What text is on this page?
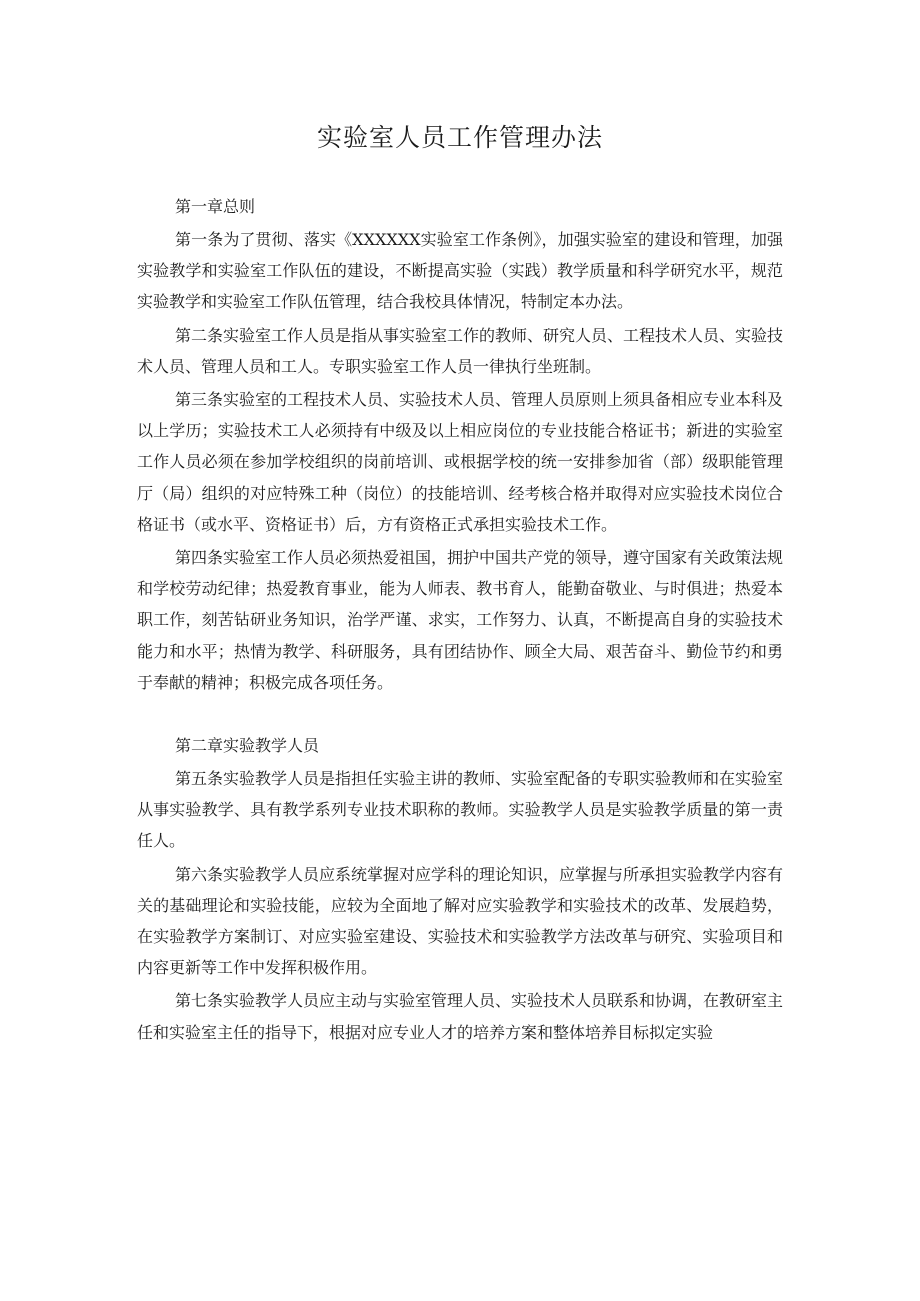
实验室人员工作管理办法

第一章总则

第一条为了贯彻、落实《XXXXXX实验室工作条例》，加强实验室的建设和管理，加强实验教学和实验室工作队伍的建设，不断提高实验（实践）教学质量和科学研究水平，规范实验教学和实验室工作队伍管理，结合我校具体情况，特制定本办法。

第二条实验室工作人员是指从事实验室工作的教师、研究人员、工程技术人员、实验技术人员、管理人员和工人。专职实验室工作人员一律执行坐班制。

第三条实验室的工程技术人员、实验技术人员、管理人员原则上须具备相应专业本科及以上学历；实验技术工人必须持有中级及以上相应岗位的专业技能合格证书；新进的实验室工作人员必须在参加学校组织的岗前培训、或根据学校的统一安排参加省（部）级职能管理厅（局）组织的对应特殊工种（岗位）的技能培训、经考核合格并取得对应实验技术岗位合格证书（或水平、资格证书）后，方有资格正式承担实验技术工作。

第四条实验室工作人员必须热爱祖国，拥护中国共产党的领导，遵守国家有关政策法规和学校劳动纪律；热爱教育事业，能为人师表、教书育人，能勤奋敬业、与时俱进；热爱本职工作，刻苦钻研业务知识，治学严谨、求实，工作努力、认真，不断提高自身的实验技术能力和水平；热情为教学、科研服务，具有团结协作、顾全大局、艰苦奋斗、勤俭节约和勇于奉献的精神；积极完成各项任务。

第二章实验教学人员

第五条实验教学人员是指担任实验主讲的教师、实验室配备的专职实验教师和在实验室从事实验教学、具有教学系列专业技术职称的教师。实验教学人员是实验教学质量的第一责任人。

第六条实验教学人员应系统掌握对应学科的理论知识，应掌握与所承担实验教学内容有关的基础理论和实验技能，应较为全面地了解对应实验教学和实验技术的改革、发展趋势，在实验教学方案制订、对应实验室建设、实验技术和实验教学方法改革与研究、实验项目和内容更新等工作中发挥积极作用。

第七条实验教学人员应主动与实验室管理人员、实验技术人员联系和协调，在教研室主任和实验室主任的指导下，根据对应专业人才的培养方案和整体培养目标拟定实验
